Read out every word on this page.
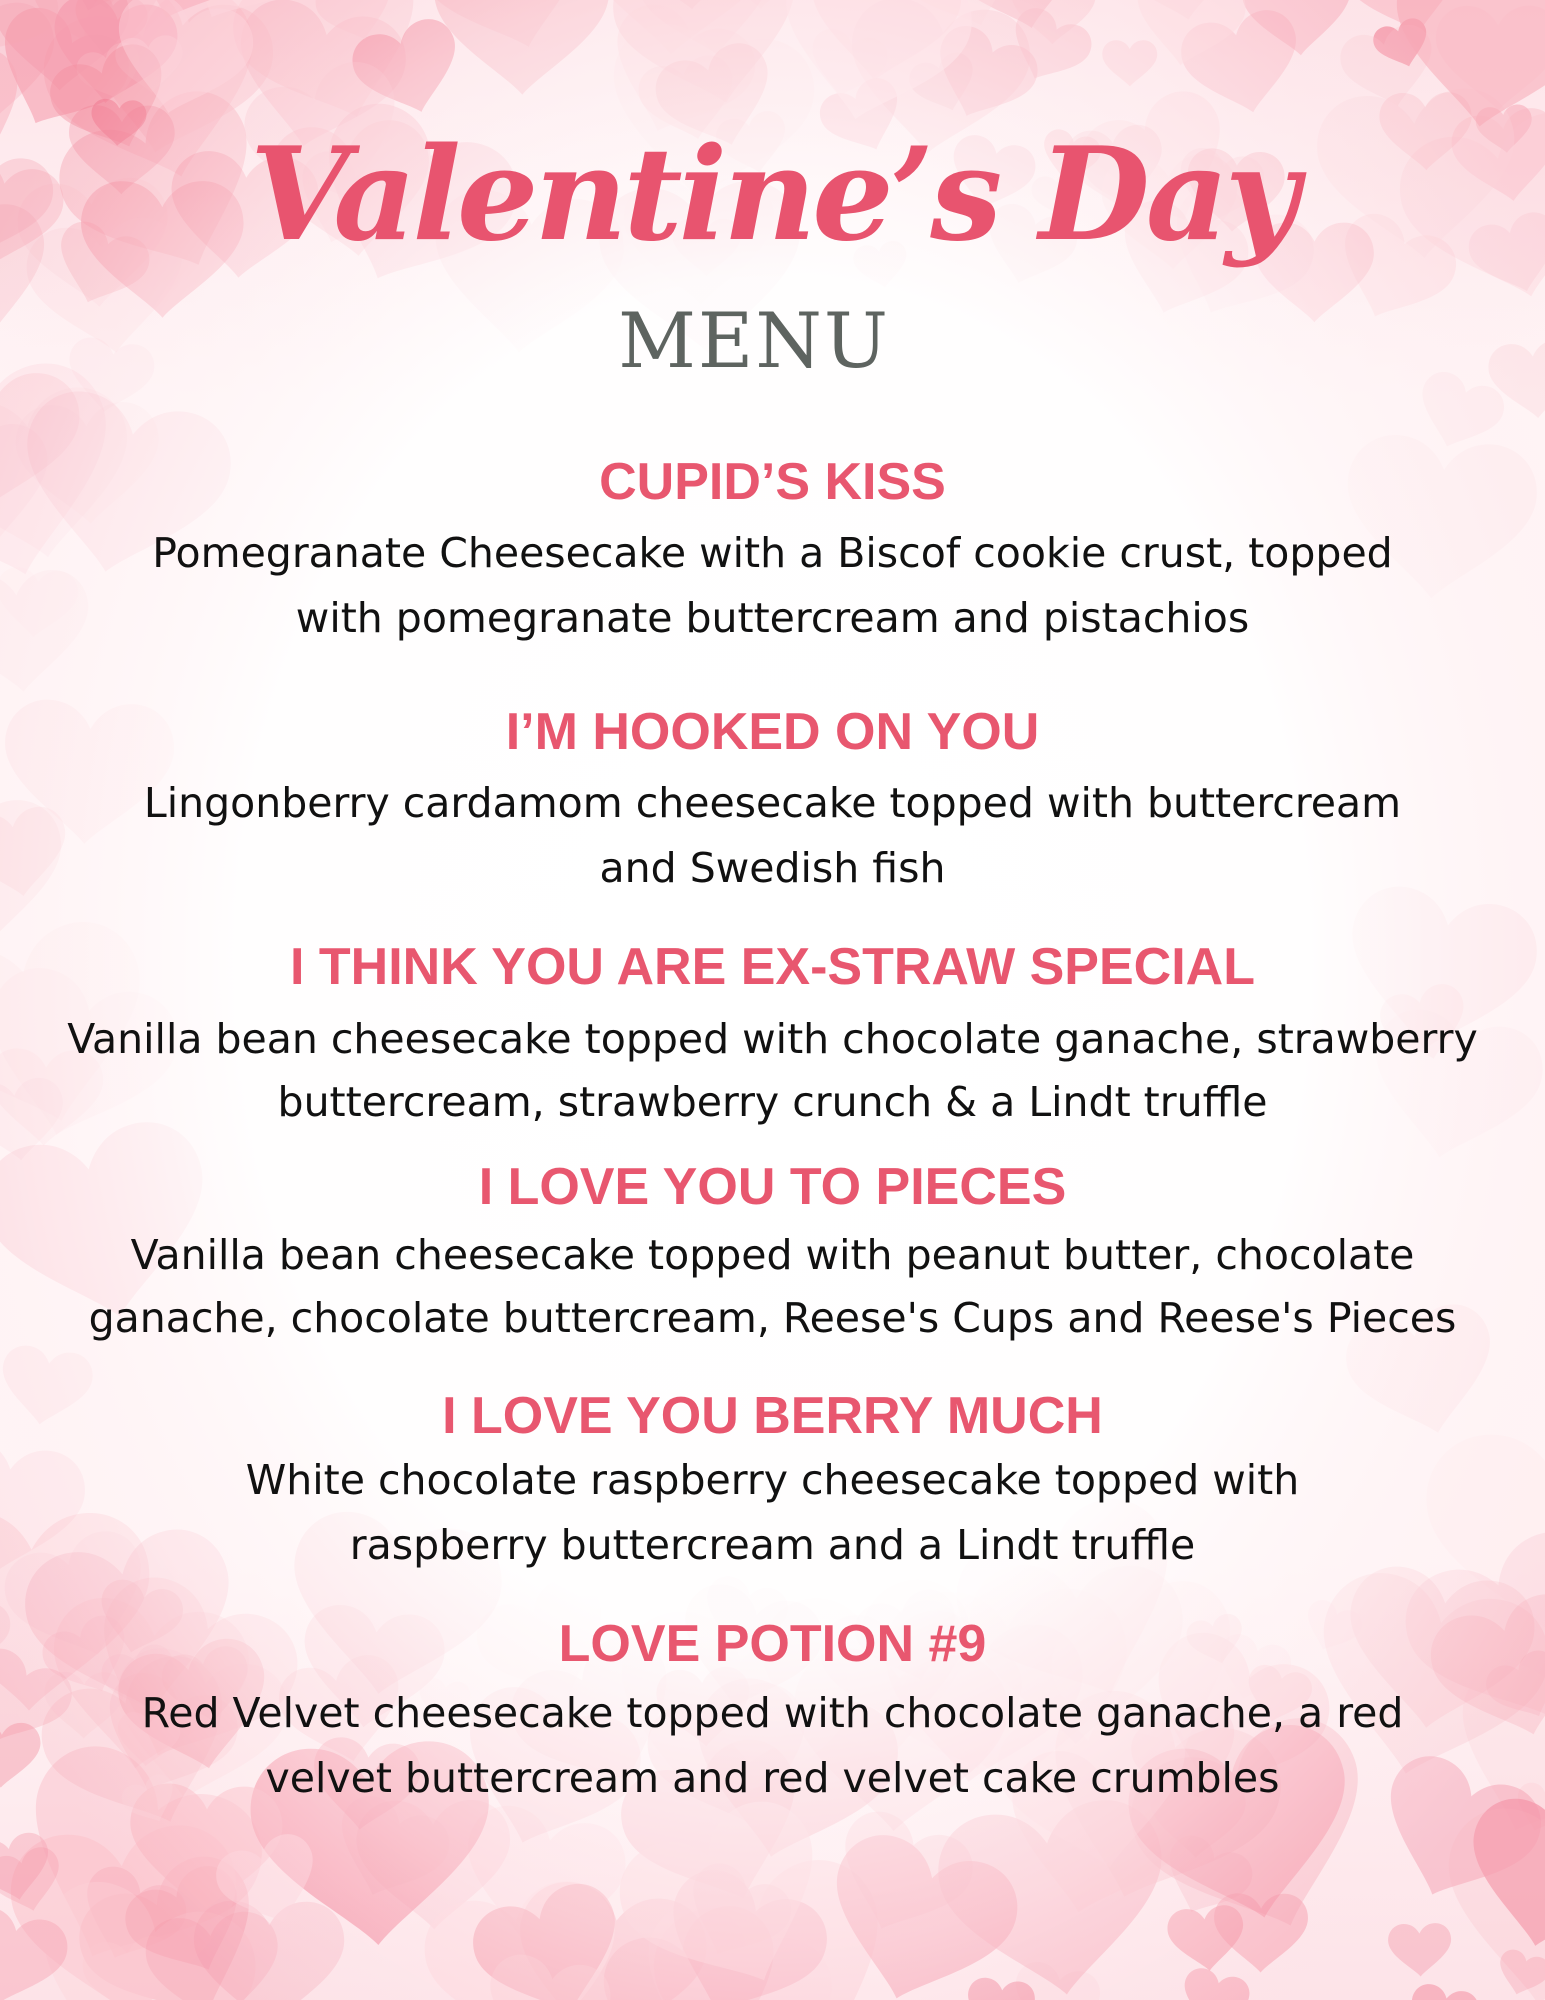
Valentine’s Day
MENU
CUPID’S KISS
Pomegranate Cheesecake with a Biscof cookie crust, topped
with pomegranate buttercream and pistachios
I’M HOOKED ON YOU
Lingonberry cardamom cheesecake topped with buttercream
and Swedish fish
I THINK YOU ARE EX-STRAW SPECIAL
Vanilla bean cheesecake topped with chocolate ganache, strawberry
buttercream, strawberry crunch & a Lindt truffle
I LOVE YOU TO PIECES
Vanilla bean cheesecake topped with peanut butter, chocolate
ganache, chocolate buttercream, Reese's Cups and Reese's Pieces
I LOVE YOU BERRY MUCH
White chocolate raspberry cheesecake topped with
raspberry buttercream and a Lindt truffle
LOVE POTION #9
Red Velvet cheesecake topped with chocolate ganache, a red
velvet buttercream and red velvet cake crumbles
